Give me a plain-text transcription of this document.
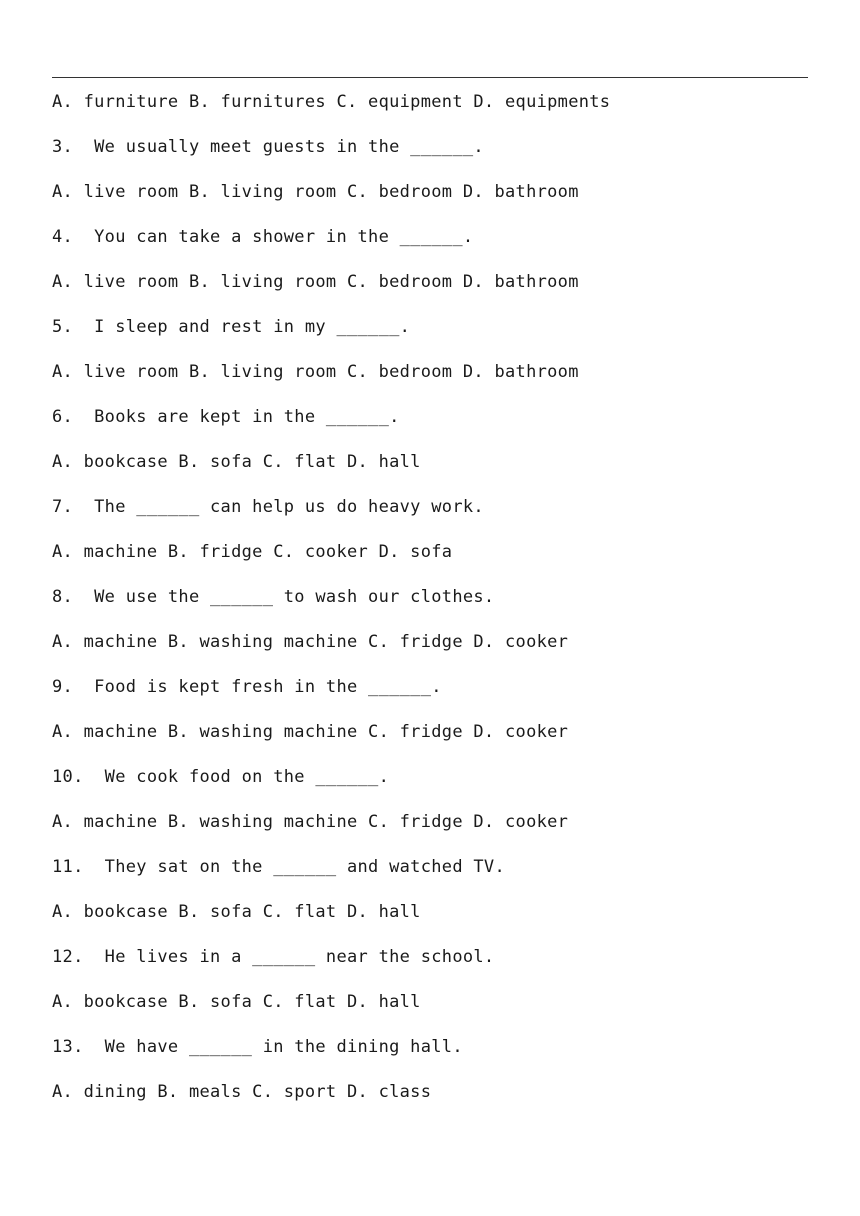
A. furniture B. furnitures C. equipment D. equipments
3.  We usually meet guests in the ______.
A. live room B. living room C. bedroom D. bathroom
4.  You can take a shower in the ______.
A. live room B. living room C. bedroom D. bathroom
5.  I sleep and rest in my ______.
A. live room B. living room C. bedroom D. bathroom
6.  Books are kept in the ______.
A. bookcase B. sofa C. flat D. hall
7.  The ______ can help us do heavy work.
A. machine B. fridge C. cooker D. sofa
8.  We use the ______ to wash our clothes.
A. machine B. washing machine C. fridge D. cooker
9.  Food is kept fresh in the ______.
A. machine B. washing machine C. fridge D. cooker
10.  We cook food on the ______.
A. machine B. washing machine C. fridge D. cooker
11.  They sat on the ______ and watched TV.
A. bookcase B. sofa C. flat D. hall
12.  He lives in a ______ near the school.
A. bookcase B. sofa C. flat D. hall
13.  We have ______ in the dining hall.
A. dining B. meals C. sport D. class
